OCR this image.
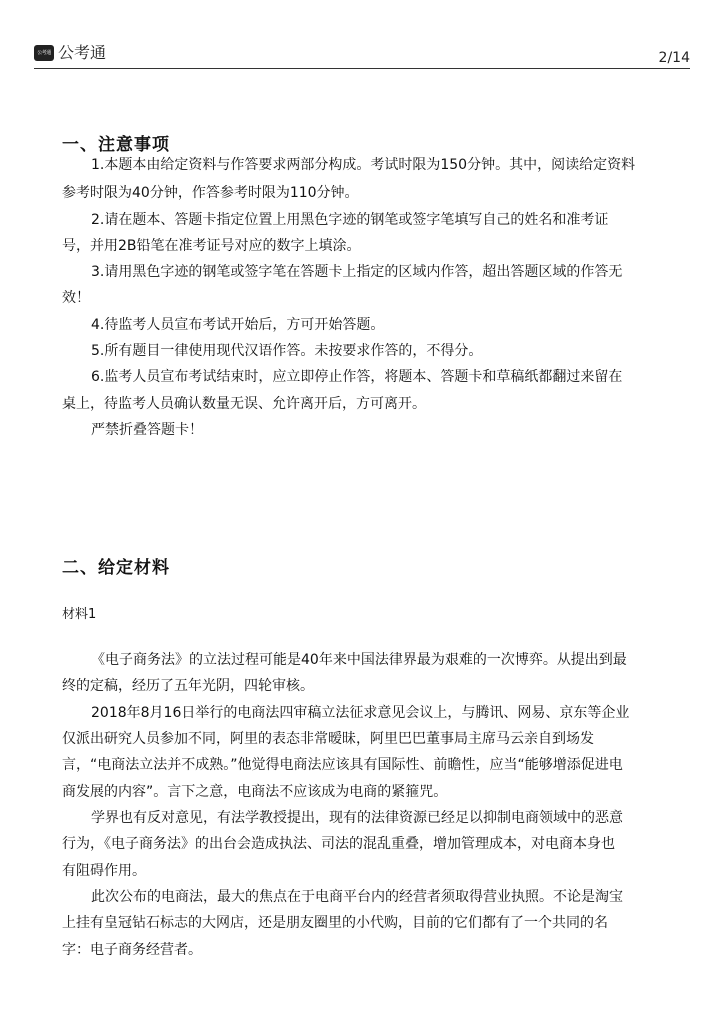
公考通 公考通	2/14
一、注意事项
1.本题本由给定资料与作答要求两部分构成。考试时限为150分钟。其中，阅读给定资料
参考时限为40分钟，作答参考时限为110分钟。
2.请在题本、答题卡指定位置上用黑色字迹的钢笔或签字笔填写自己的姓名和准考证
号，并用2B铅笔在准考证号对应的数字上填涂。
3.请用黑色字迹的钢笔或签字笔在答题卡上指定的区域内作答，超出答题区域的作答无
效！
4.待监考人员宣布考试开始后，方可开始答题。
5.所有题目一律使用现代汉语作答。未按要求作答的，不得分。
6.监考人员宣布考试结束时，应立即停止作答，将题本、答题卡和草稿纸都翻过来留在
桌上，待监考人员确认数量无误、允许离开后，方可离开。
严禁折叠答题卡！
二、给定材料
材料1
《电子商务法》的立法过程可能是40年来中国法律界最为艰难的一次博弈。从提出到最
终的定稿，经历了五年光阴，四轮审核。
2018年8月16日举行的电商法四审稿立法征求意见会议上，与腾讯、网易、京东等企业
仅派出研究人员参加不同，阿里的表态非常暧昧，阿里巴巴董事局主席马云亲自到场发
言，“电商法立法并不成熟。”他觉得电商法应该具有国际性、前瞻性，应当“能够增添促进电
商发展的内容”。言下之意，电商法不应该成为电商的紧箍咒。
学界也有反对意见，有法学教授提出，现有的法律资源已经足以抑制电商领域中的恶意
行为，《电子商务法》的出台会造成执法、司法的混乱重叠，增加管理成本，对电商本身也
有阻碍作用。
此次公布的电商法，最大的焦点在于电商平台内的经营者须取得营业执照。不论是淘宝
上挂有皇冠钻石标志的大网店，还是朋友圈里的小代购，目前的它们都有了一个共同的名
字：电子商务经营者。
